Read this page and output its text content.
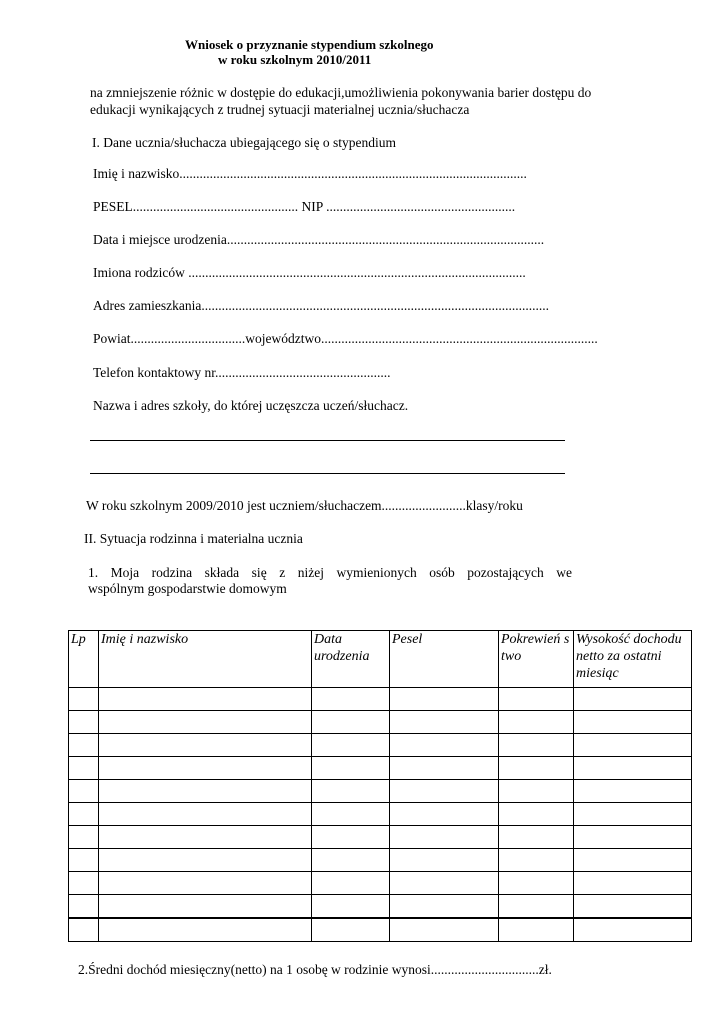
Wniosek o przyznanie stypendium szkolnego
w roku szkolnym 2010/2011
na zmniejszenie różnic w dostępie do edukacji,umożliwienia pokonywania barier dostępu do
edukacji wynikających z trudnej sytuacji materialnej ucznia/słuchacza
I. Dane ucznia/słuchacza ubiegającego się o stypendium
Imię i nazwisko.......................................................................................................
PESEL................................................. NIP ........................................................
Data i miejsce urodzenia..............................................................................................
Imiona rodziców ....................................................................................................
Adres zamieszkania.......................................................................................................
Powiat..................................województwo..................................................................................
Telefon kontaktowy nr....................................................
Nazwa i adres szkoły, do której uczęszcza uczeń/słuchacz.
W roku szkolnym 2009/2010 jest uczniem/słuchaczem.........................klasy/roku
II. Sytuacja rodzinna i materialna ucznia
1. Moja rodzina składa się z niżej wymienionych osób pozostających we
wspólnym gospodarstwie domowym
Lp	Imię i nazwisko	Data urodzenia	Pesel	Pokrewień stwo	Wysokość dochodu netto za ostatni miesiąc

2.Średni dochód miesięczny(netto) na 1 osobę w rodzinie wynosi................................zł.
